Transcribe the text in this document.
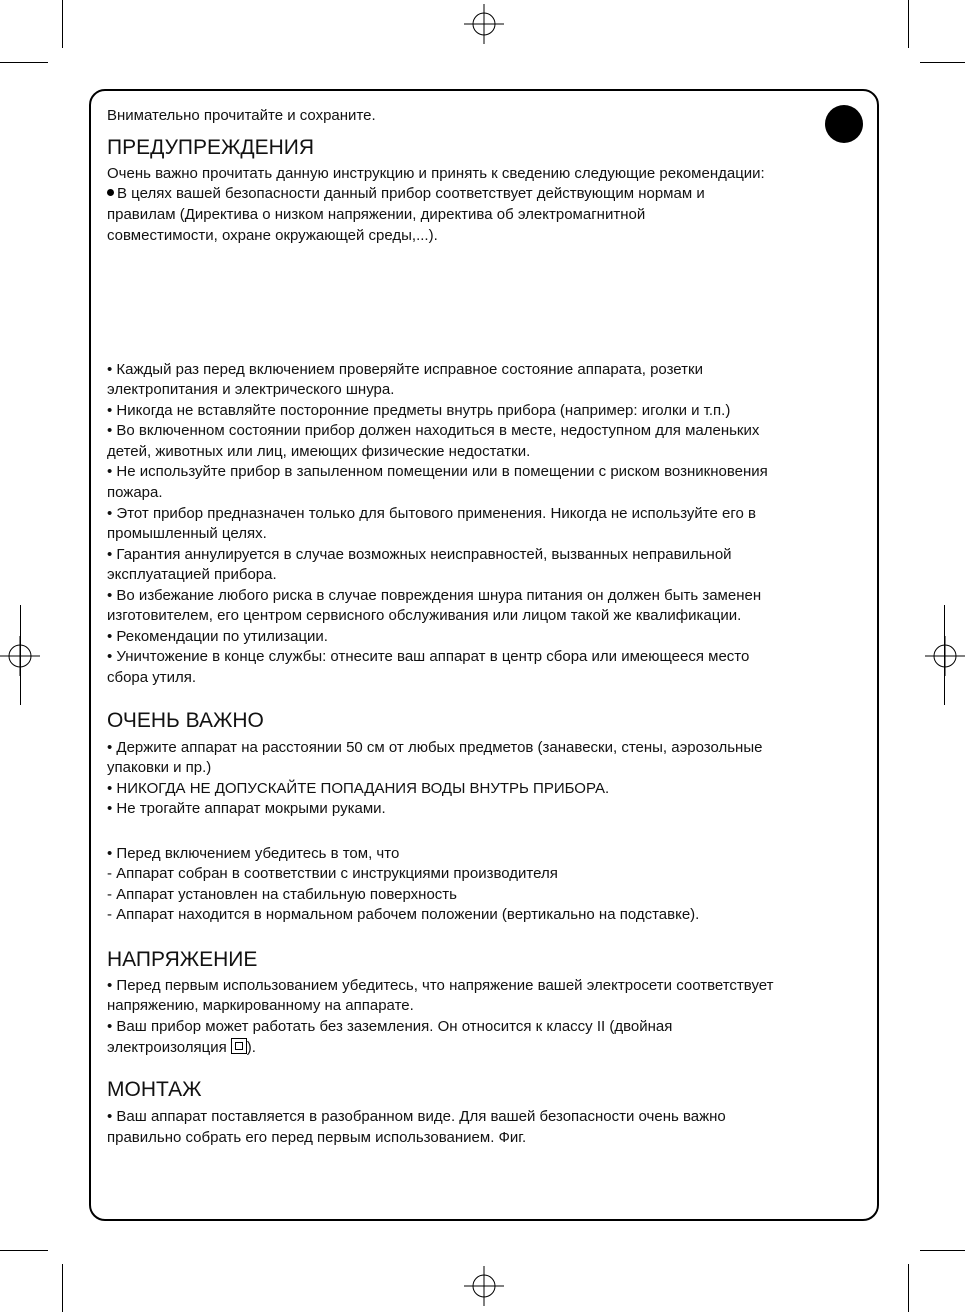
Внимательно прочитайте и сохраните.
ПРЕДУПРЕЖДЕНИЯ
Очень важно прочитать данную инструкцию и принять к сведению следующие рекомендации:
В целях вашей безопасности данный прибор соответствует действующим нормам и
правилам (Директива о низком напряжении, директива об электромагнитной
совместимости, охране окружающей среды,...).
• Каждый раз перед включением проверяйте исправное состояние аппарата, розетки
электропитания и электрического шнура.
• Никогда не вставляйте посторонние предметы внутрь прибора (например: иголки и т.п.)
• Во включенном состоянии прибор должен находиться в месте, недоступном для маленьких
детей, животных или лиц, имеющих физические недостатки.
• Не используйте прибор в запыленном помещении или в помещении с риском возникновения
пожара.
• Этот прибор предназначен только для бытового применения. Никогда не используйте его в
промышленный целях.
• Гарантия аннулируется в случае возможных неисправностей, вызванных неправильной
эксплуатацией прибора.
• Во избежание любого риска в случае повреждения шнура питания он должен быть заменен
изготовителем, его центром сервисного обслуживания или лицом такой же квалификации.
• Рекомендации по утилизации.
• Уничтожение в конце службы: отнесите ваш аппарат в центр сбора или имеющееся место
сбора утиля.
ОЧЕНЬ ВАЖНО
• Держите аппарат на расстоянии 50 см от любых предметов (занавески, стены, аэрозольные
упаковки и пр.)
• НИКОГДА НЕ ДОПУСКАЙТЕ ПОПАДАНИЯ ВОДЫ ВНУТРЬ ПРИБОРА.
• Не трогайте аппарат мокрыми руками.
• Перед включением убедитесь в том, что
- Аппарат собран в соответствии с инструкциями производителя
- Аппарат установлен на стабильную поверхность
- Аппарат находится в нормальном рабочем положении (вертикально на подставке).
НАПРЯЖЕНИЕ
• Перед первым использованием убедитесь, что напряжение вашей электросети соответствует
напряжению, маркированному на аппарате.
• Ваш прибор может работать без заземления. Он относится к классу II (двойная
электроизоляция ).
МОНТАЖ
• Ваш аппарат поставляется в разобранном виде. Для вашей безопасности очень важно
правильно собрать его перед первым использованием. Фиг.
